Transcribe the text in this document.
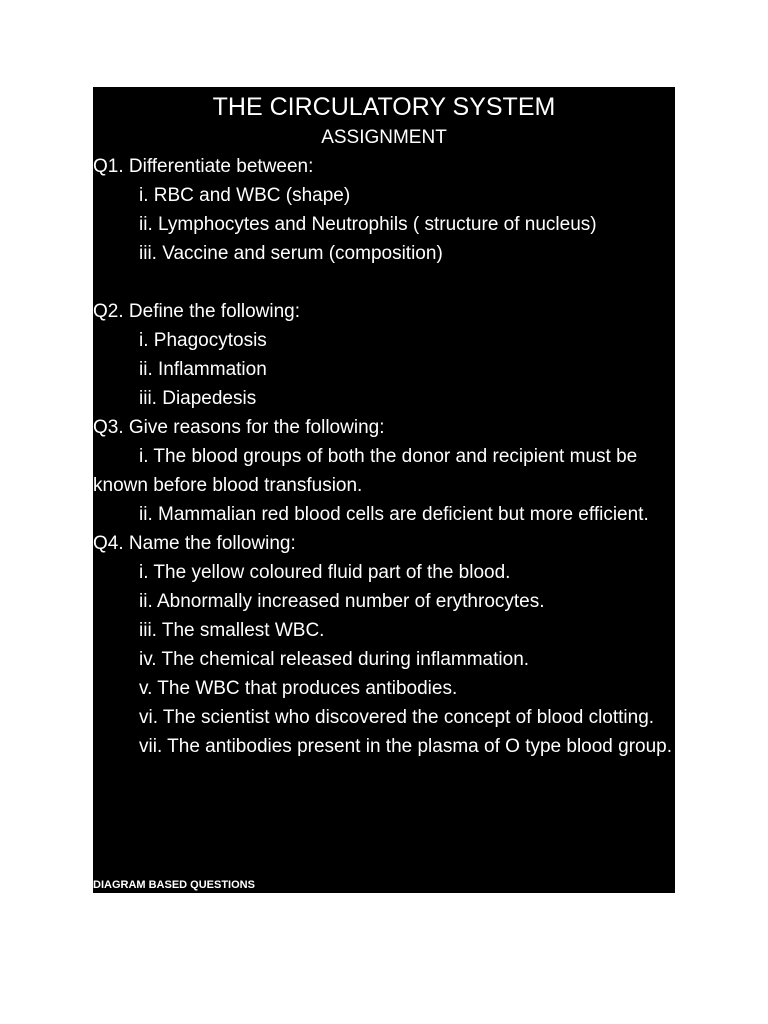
THE CIRCULATORY SYSTEM
ASSIGNMENT
Q1. Differentiate between:
i. RBC and WBC (shape)
ii. Lymphocytes and Neutrophils ( structure of nucleus)
iii. Vaccine and serum (composition)
Q2. Define the following:
i. Phagocytosis
ii. Inflammation
iii. Diapedesis
Q3. Give reasons for the following:
i. The blood groups of both the donor and recipient must be known before blood transfusion.
ii. Mammalian red blood cells are deficient but more efficient.
Q4. Name the following:
i. The yellow coloured fluid part of the blood.
ii. Abnormally increased number of erythrocytes.
iii. The smallest WBC.
iv. The chemical released during inflammation.
v. The WBC that produces antibodies.
vi. The scientist who discovered the concept of blood clotting.
vii. The antibodies present in the plasma of O type blood group.
DIAGRAM BASED QUESTIONS
